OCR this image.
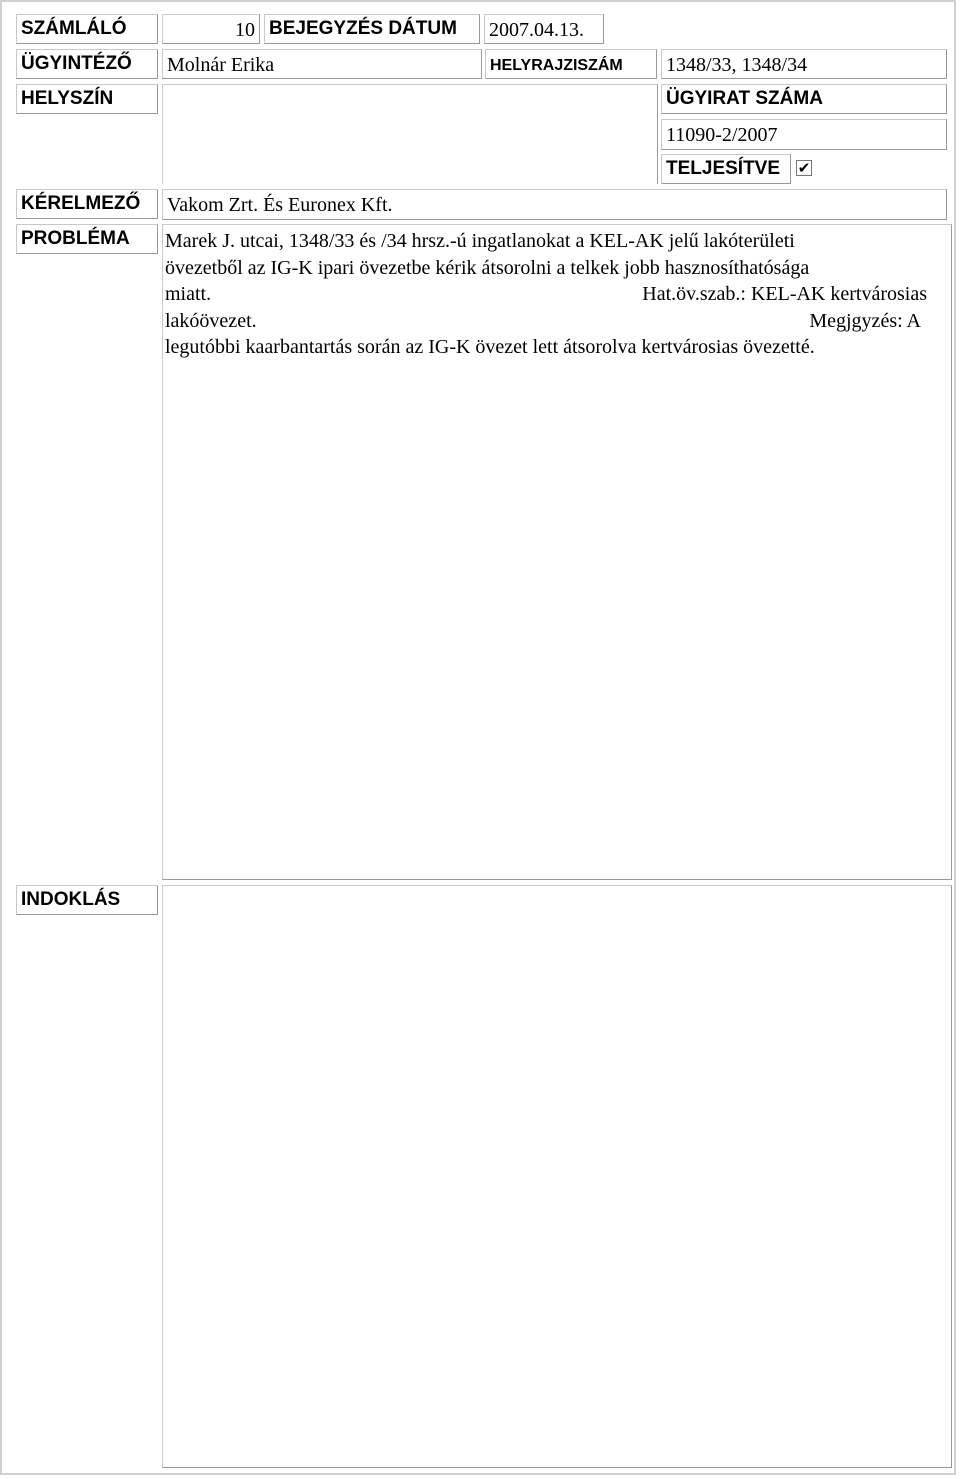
SZÁMLÁLÓ	10 BEJEGYZÉS DÁTUM	2007.04.13.
ÜGYINTÉZŐ	Molnár Erika	HELYRAJZISZÁM	1348/33, 1348/34
HELYSZÍN	ÜGYIRAT SZÁMA
11090-2/2007
TELJESÍTVE	✔
KÉRELMEZŐ	Vakom Zrt. És Euronex Kft.
PROBLÉMA	Marek J. utcai, 1348/33 és /34 hrsz.-ú ingatlanokat a KEL-AK jelű lakóterületi
övezetből az IG-K ipari övezetbe kérik átsorolni a telkek jobb hasznosíthatósága
miatt.	Hat.öv.szab.: KEL-AK kertvárosias
lakóövezet.	Megjgyzés: A
legutóbbi kaarbantartás során az IG-K övezet lett átsorolva kertvárosias övezetté.
INDOKLÁS
